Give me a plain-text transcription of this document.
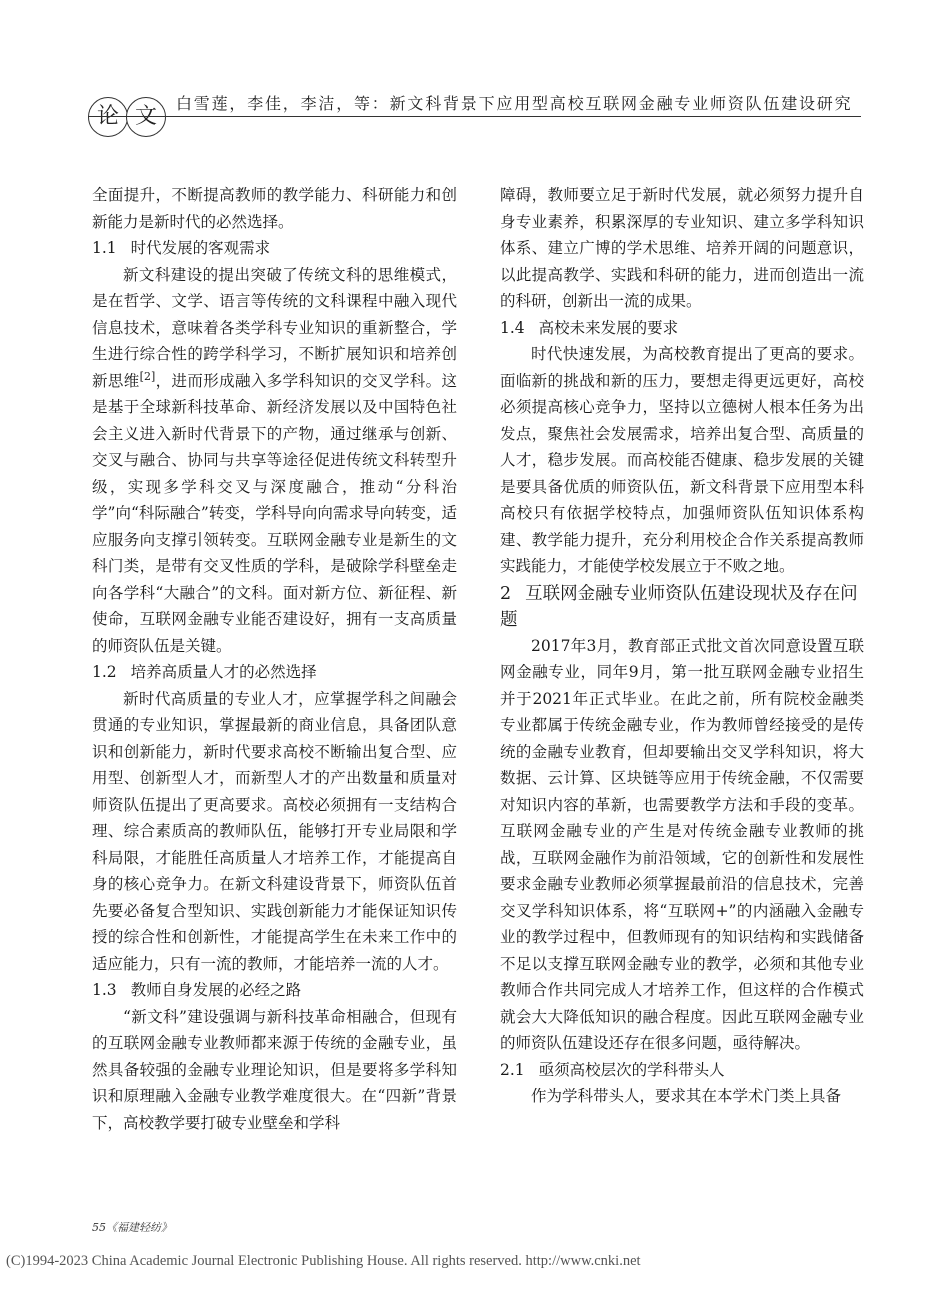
论 文
白雪莲，李佳，李洁，等：新文科背景下应用型高校互联网金融专业师资队伍建设研究

全面提升，不断提高教师的教学能力、科研能力和创新能力是新时代的必然选择。

1.1 时代发展的客观需求

新文科建设的提出突破了传统文科的思维模式，是在哲学、文学、语言等传统的文科课程中融入现代信息技术，意味着各类学科专业知识的重新整合，学生进行综合性的跨学科学习，不断扩展知识和培养创新思维[2]，进而形成融入多学科知识的交叉学科。这是基于全球新科技革命、新经济发展以及中国特色社会主义进入新时代背景下的产物，通过继承与创新、交叉与融合、协同与共享等途径促进传统文科转型升级，实现多学科交叉与深度融合，推动“分科治学”向“科际融合”转变，学科导向向需求导向转变，适应服务向支撑引领转变。互联网金融专业是新生的文科门类，是带有交叉性质的学科，是破除学科壁垒走向各学科“大融合”的文科。面对新方位、新征程、新使命，互联网金融专业能否建设好，拥有一支高质量的师资队伍是关键。

1.2 培养高质量人才的必然选择

新时代高质量的专业人才，应掌握学科之间融会贯通的专业知识，掌握最新的商业信息，具备团队意识和创新能力，新时代要求高校不断输出复合型、应用型、创新型人才，而新型人才的产出数量和质量对师资队伍提出了更高要求。高校必须拥有一支结构合理、综合素质高的教师队伍，能够打开专业局限和学科局限，才能胜任高质量人才培养工作，才能提高自身的核心竞争力。在新文科建设背景下，师资队伍首先要必备复合型知识、实践创新能力才能保证知识传授的综合性和创新性，才能提高学生在未来工作中的适应能力，只有一流的教师，才能培养一流的人才。

1.3 教师自身发展的必经之路

“新文科”建设强调与新科技革命相融合，但现有的互联网金融专业教师都来源于传统的金融专业，虽然具备较强的金融专业理论知识，但是要将多学科知识和原理融入金融专业教学难度很大。在“四新”背景下，高校教学要打破专业壁垒和学科

障碍，教师要立足于新时代发展，就必须努力提升自身专业素养，积累深厚的专业知识、建立多学科知识体系、建立广博的学术思维、培养开阔的问题意识，以此提高教学、实践和科研的能力，进而创造出一流的科研，创新出一流的成果。

1.4 高校未来发展的要求

时代快速发展，为高校教育提出了更高的要求。面临新的挑战和新的压力，要想走得更远更好，高校必须提高核心竞争力，坚持以立德树人根本任务为出发点，聚焦社会发展需求，培养出复合型、高质量的人才，稳步发展。而高校能否健康、稳步发展的关键是要具备优质的师资队伍，新文科背景下应用型本科高校只有依据学校特点，加强师资队伍知识体系构建、教学能力提升，充分利用校企合作关系提高教师实践能力，才能使学校发展立于不败之地。

2 互联网金融专业师资队伍建设现状及存在问题

2017年3月，教育部正式批文首次同意设置互联网金融专业，同年9月，第一批互联网金融专业招生并于2021年正式毕业。在此之前，所有院校金融类专业都属于传统金融专业，作为教师曾经接受的是传统的金融专业教育，但却要输出交叉学科知识，将大数据、云计算、区块链等应用于传统金融，不仅需要对知识内容的革新，也需要教学方法和手段的变革。互联网金融专业的产生是对传统金融专业教师的挑战，互联网金融作为前沿领域，它的创新性和发展性要求金融专业教师必须掌握最前沿的信息技术，完善交叉学科知识体系，将“互联网+”的内涵融入金融专业的教学过程中，但教师现有的知识结构和实践储备不足以支撑互联网金融专业的教学，必须和其他专业教师合作共同完成人才培养工作，但这样的合作模式就会大大降低知识的融合程度。因此互联网金融专业的师资队伍建设还存在很多问题，亟待解决。

2.1 亟须高校层次的学科带头人

作为学科带头人，要求其在本学术门类上具备

55《福建轻纺》
(C)1994-2023 China Academic Journal Electronic Publishing House. All rights reserved. http://www.cnki.net
